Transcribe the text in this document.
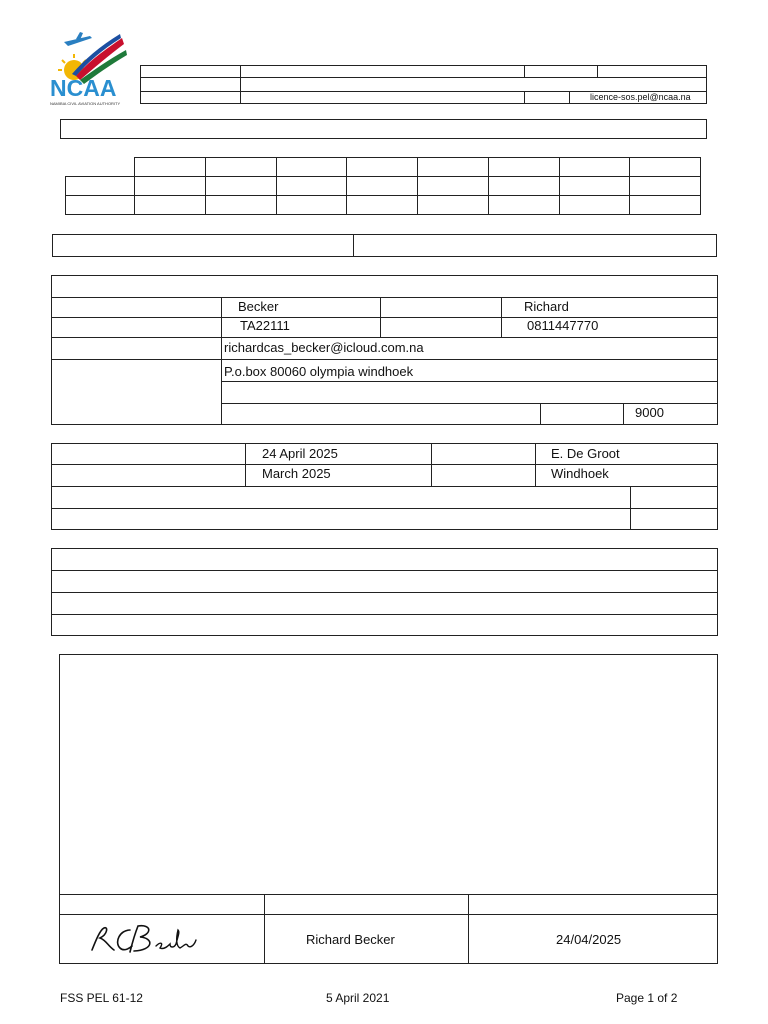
NCAA
NAMIBIA CIVIL AVIATION AUTHORITY
licence-sos.pel@ncaa.na

Becker	Richard
TA22111	0811447770
richardcas_becker@icloud.com.na
P.o.box 80060 olympia windhoek
9000
24 April 2025	E. De Groot
March 2025	Windhoek
Richard Becker	24/04/2025
FSS PEL 61-12	5 April 2021	Page 1 of 2
